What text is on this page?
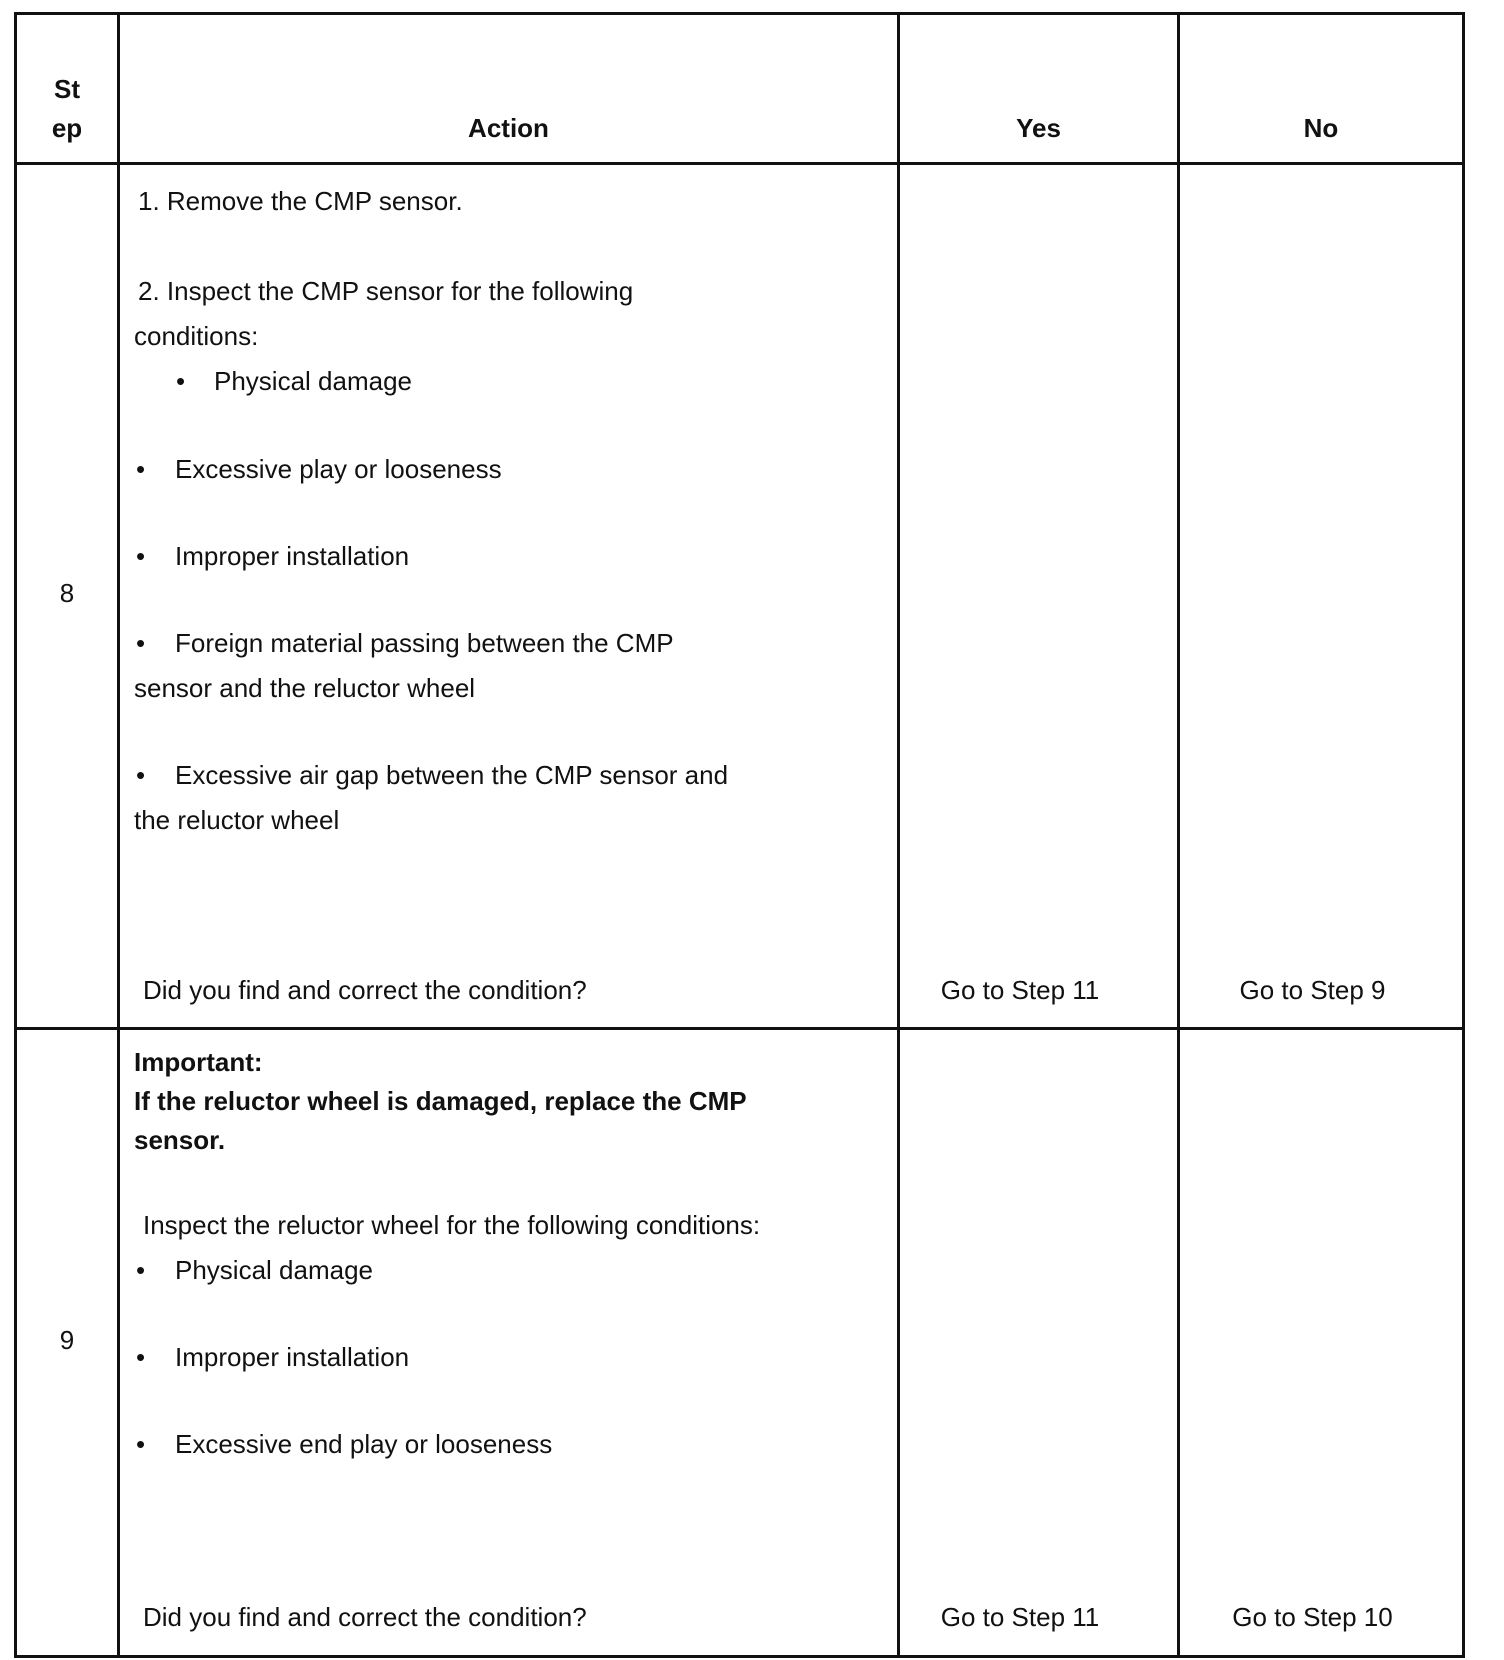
St
ep	Action	Yes	No
8
1. Remove the CMP sensor.
2. Inspect the CMP sensor for the following
conditions:
• Physical damage
• Excessive play or looseness
• Improper installation
• Foreign material passing between the CMP
sensor and the reluctor wheel
• Excessive air gap between the CMP sensor and
the reluctor wheel
Did you find and correct the condition?	Go to Step 11	Go to Step 9
9
Important:
If the reluctor wheel is damaged, replace the CMP
sensor.
Inspect the reluctor wheel for the following conditions:
• Physical damage
• Improper installation
• Excessive end play or looseness
Did you find and correct the condition?	Go to Step 11	Go to Step 10
